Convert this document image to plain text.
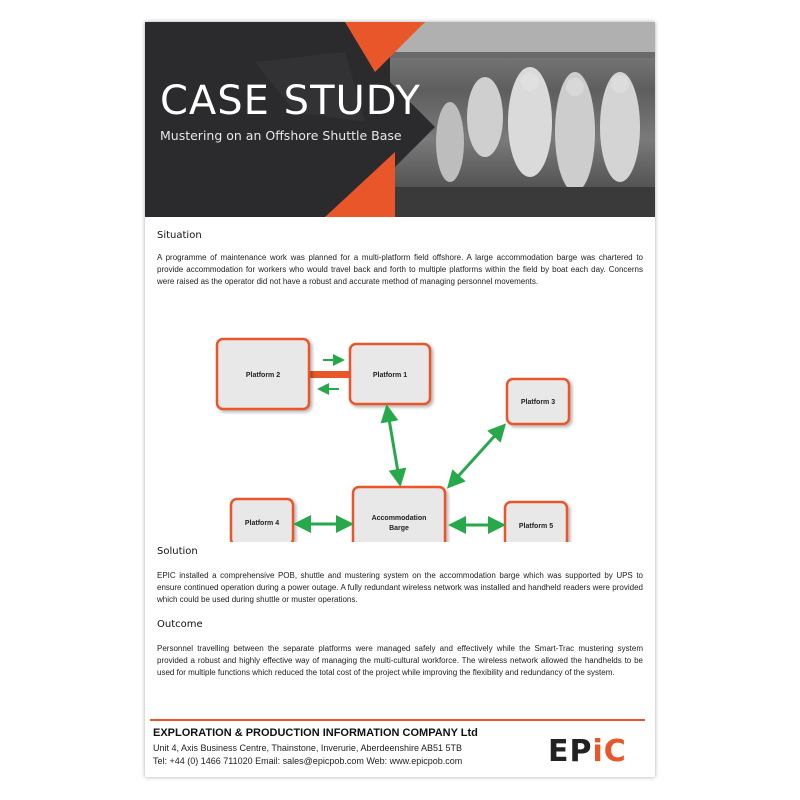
CASE STUDY
Mustering on an Offshore Shuttle Base
Situation

A programme of maintenance work was planned for a multi-platform field offshore. A large accommodation barge was chartered to provide accommodation for workers who would travel back and forth to multiple platforms within the field by boat each day. Concerns were raised as the operator did not have a robust and accurate method of managing personnel movements.

Platform 2	Platform 1
Platform 3
Accommodation
Barge
Platform 4	Platform 5
Solution

EPIC installed a comprehensive POB, shuttle and mustering system on the accommodation barge which was supported by UPS to ensure continued operation during a power outage. A fully redundant wireless network was installed and handheld readers were provided which could be used during shuttle or muster operations.

Outcome

Personnel travelling between the separate platforms were managed safely and effectively while the Smart-Trac mustering system provided a robust and highly effective way of managing the multi-cultural workforce. The wireless network allowed the handhelds to be used for multiple functions which reduced the total cost of the project while improving the flexibility and redundancy of the system.

EXPLORATION & PRODUCTION INFORMATION COMPANY Ltd
Unit 4, Axis Business Centre, Thainstone, Inverurie, Aberdeenshire AB51 5TB
Tel: +44 (0) 1466 711020 Email: sales@epicpob.com Web: www.epicpob.com	EPiC
